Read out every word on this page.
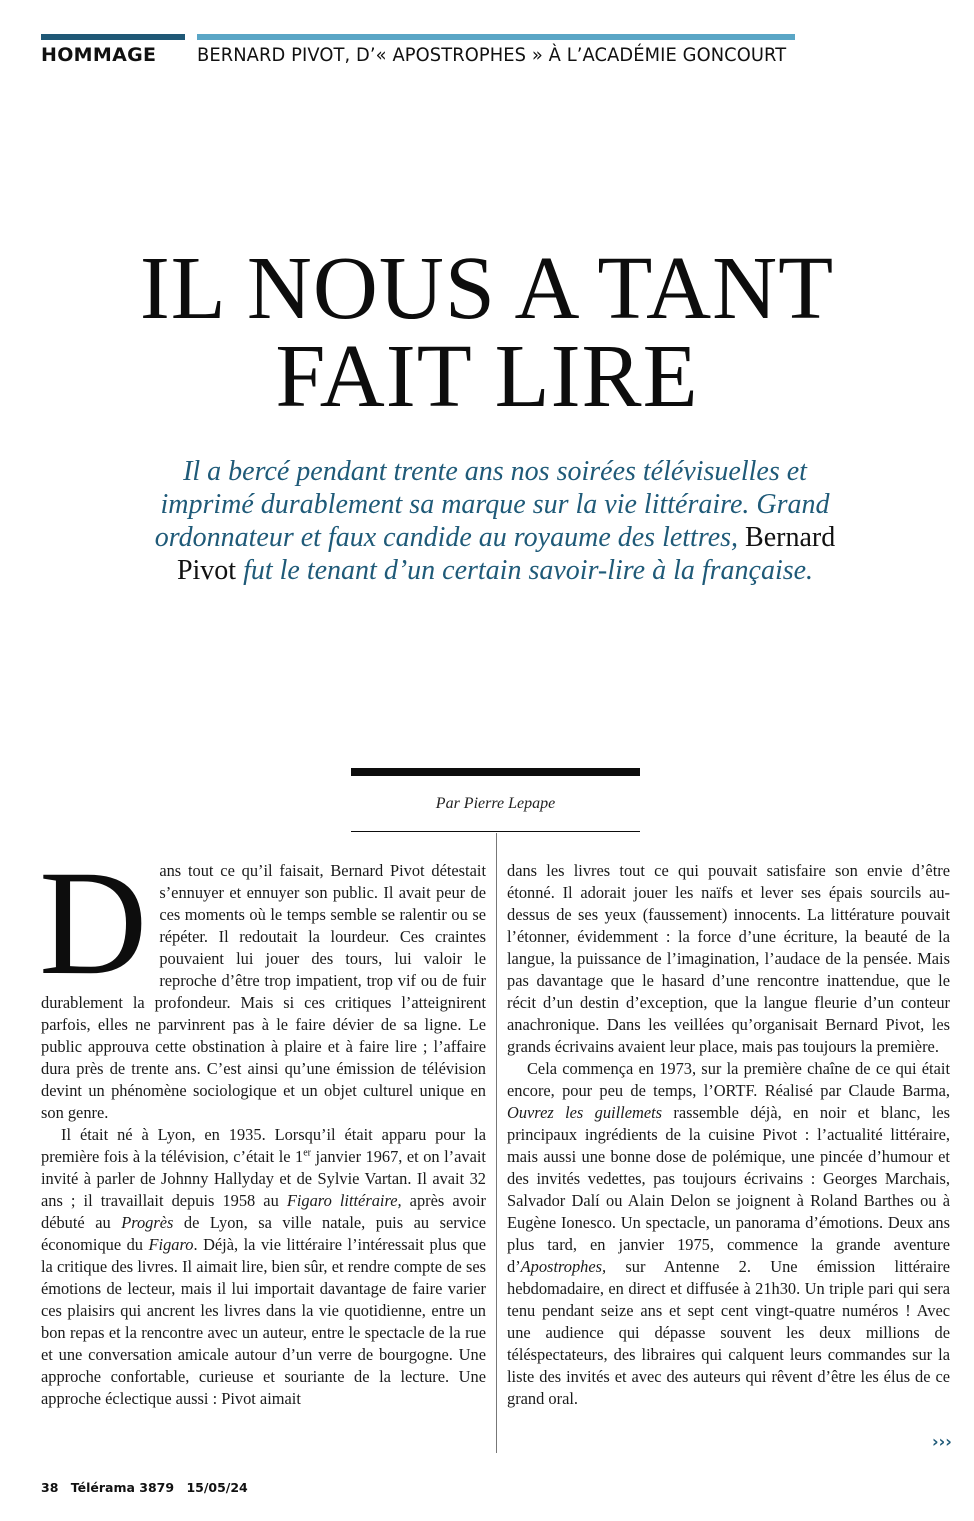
HOMMAGE BERNARD PIVOT, D’« APOSTROPHES » À L’ACADÉMIE GONCOURT
IL NOUS A TANT
FAIT LIRE
Il a bercé pendant trente ans nos soirées télévisuelles et imprimé durablement sa marque sur la vie littéraire. Grand ordonnateur et faux candide au royaume des lettres, Bernard Pivot fut le tenant d’un certain savoir-lire à la française.
Par Pierre Lepape

Dans tout ce qu’il faisait, Bernard Pivot détestait s’ennuyer et ennuyer son public. Il avait peur de ces moments où le temps semble se ralentir ou se répéter. Il redoutait la lourdeur. Ces craintes pouvaient lui jouer des tours, lui valoir le reproche d’être trop impatient, trop vif ou de fuir durablement la profondeur. Mais si ces critiques l’atteignirent parfois, elles ne parvinrent pas à le faire dévier de sa ligne. Le public approuva cette obstination à plaire et à faire lire ; l’affaire dura près de trente ans. C’est ainsi qu’une émission de télévision devint un phénomène sociologique et un objet culturel unique en son genre.

Il était né à Lyon, en 1935. Lorsqu’il était apparu pour la première fois à la télévision, c’était le 1er janvier 1967, et on l’avait invité à parler de Johnny Hallyday et de Sylvie Vartan. Il avait 32 ans ; il travaillait depuis 1958 au Figaro littéraire, après avoir débuté au Progrès de Lyon, sa ville natale, puis au service économique du Figaro. Déjà, la vie littéraire l’intéressait plus que la critique des livres. Il aimait lire, bien sûr, et rendre compte de ses émotions de lecteur, mais il lui importait davantage de faire varier ces plaisirs qui ancrent les livres dans la vie quotidienne, entre un bon repas et la rencontre avec un auteur, entre le spectacle de la rue et une conversation amicale autour d’un verre de bourgogne. Une approche confortable, curieuse et souriante de la lecture. Une approche éclectique aussi : Pivot aimait

dans les livres tout ce qui pouvait satisfaire son envie d’être étonné. Il adorait jouer les naïfs et lever ses épais sourcils au-dessus de ses yeux (faussement) innocents. La littérature pouvait l’étonner, évidemment : la force d’une écriture, la beauté de la langue, la puissance de l’imagination, l’audace de la pensée. Mais pas davantage que le hasard d’une rencontre inattendue, que le récit d’un destin d’exception, que la langue fleurie d’un conteur anachronique. Dans les veillées qu’organisait Bernard Pivot, les grands écrivains avaient leur place, mais pas toujours la première.

Cela commença en 1973, sur la première chaîne de ce qui était encore, pour peu de temps, l’ORTF. Réalisé par Claude Barma, Ouvrez les guillemets rassemble déjà, en noir et blanc, les principaux ingrédients de la cuisine Pivot : l’actualité littéraire, mais aussi une bonne dose de polémique, une pincée d’humour et des invités vedettes, pas toujours écrivains : Georges Marchais, Salvador Dalí ou Alain Delon se joignent à Roland Barthes ou à Eugène Ionesco. Un spectacle, un panorama d’émotions. Deux ans plus tard, en janvier 1975, commence la grande aventure d’Apostrophes, sur Antenne 2. Une émission littéraire hebdomadaire, en direct et diffusée à 21h30. Un triple pari qui sera tenu pendant seize ans et sept cent vingt-quatre numéros ! Avec une audience qui dépasse souvent les deux millions de téléspectateurs, des libraires qui calquent leurs commandes sur la liste des invités et avec des auteurs qui rêvent d’être les élus de ce grand oral.

›››
38 Télérama 3879 15/05/24
